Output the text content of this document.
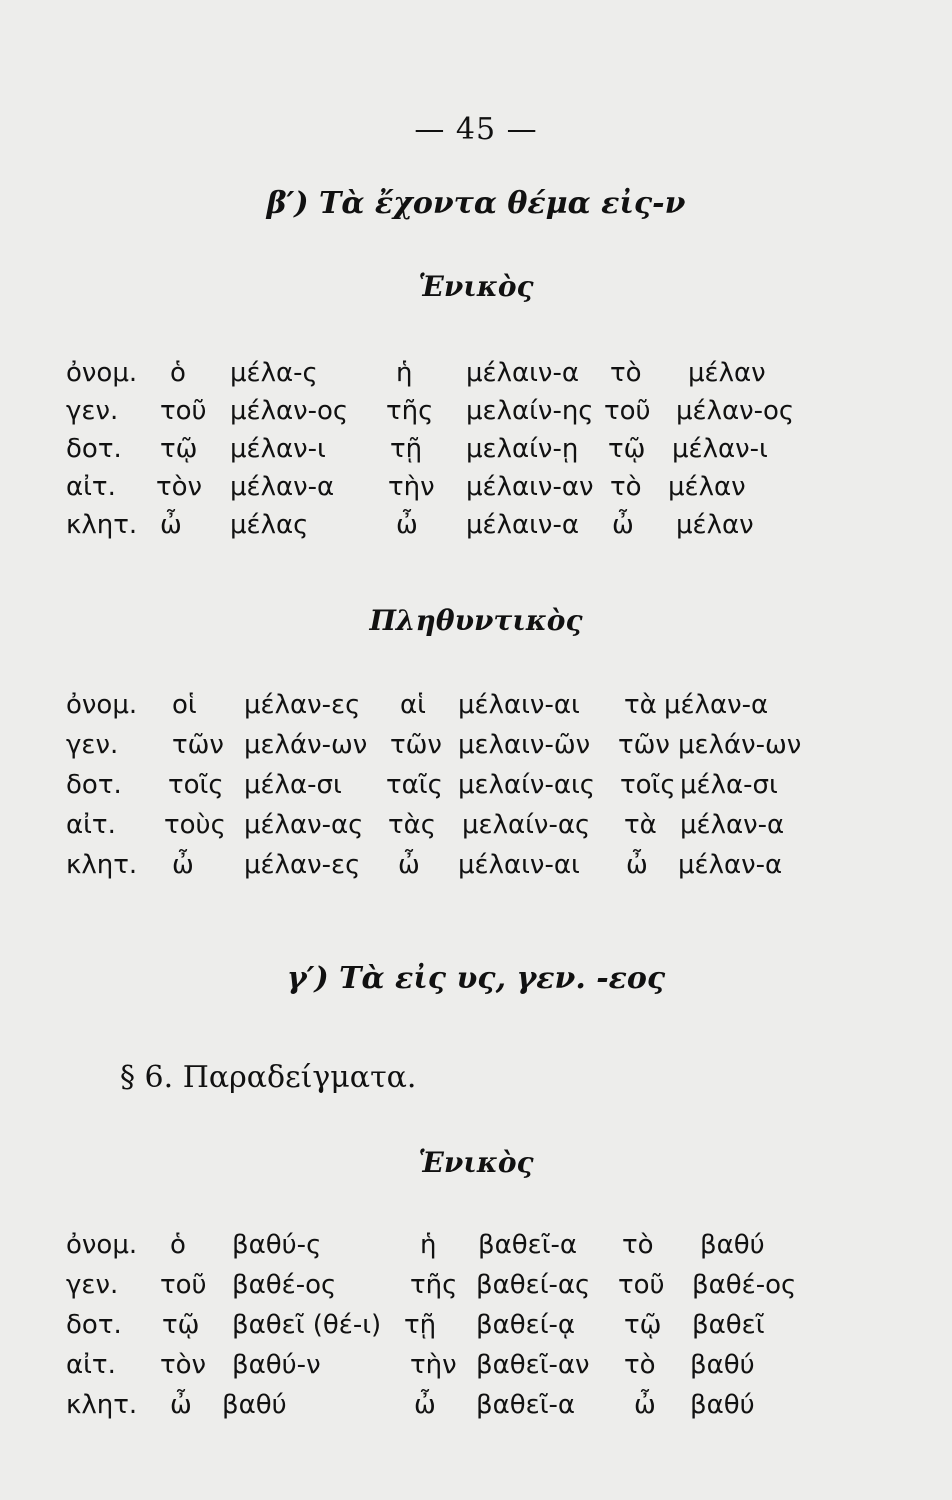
— 45 —
β′) Τὰ ἔχοντα θέμα εἰς-ν
Ἑνικὸς
ὀνομ. ὁ μέλα-ς	ἡ μέλαιν-α τὸ μέλαν
γεν. τοῦ μέλαν-ος τῆς μελαίν-ης τοῦ μέλαν-ος
δοτ. τῷ μέλαν-ι τῇ μελαίν-ῃ τῷ μέλαν-ι
αἰτ. τὸν μέλαν-α τὴν μέλαιν-αν τὸ μέλαν
κλητ. ὦ μέλας	ὦ μέλαιν-α ὦ μέλαν
Πληθυντικὸς
ὀνομ. οἱ μέλαν-ες αἱ μέλαιν-αι τὰ μέλαν-α
γεν. τῶν μελάν-ων τῶν μελαιν-ῶν τῶν μελάν-ων
δοτ. τοῖς μέλα-σι ταῖς μελαίν-αις τοῖς μέλα-σι
αἰτ. τοὺς μέλαν-ας τὰς μελαίν-ας τὰ μέλαν-α
κλητ. ὦ μέλαν-ες ὦ μέλαιν-αι ὦ μέλαν-α
γ′) Τὰ εἰς υς, γεν. -εος
§ 6. Παραδείγματα.
Ἑνικὸς
ὀνομ. ὁ βαθύ-ς	ἡ βαθεῖ-α τὸ βαθύ
γεν. τοῦ βαθέ-ος	τῆς βαθεί-ας τοῦ βαθέ-ος
δοτ. τῷ βαθεῖ (θέ-ι) τῇ βαθεί-ᾳ τῷ βαθεῖ
αἰτ. τὸν βαθύ-ν	τὴν βαθεῖ-αν τὸ βαθύ
κλητ. ὦ βαθύ	ὦ βαθεῖ-α ὦ βαθύ
